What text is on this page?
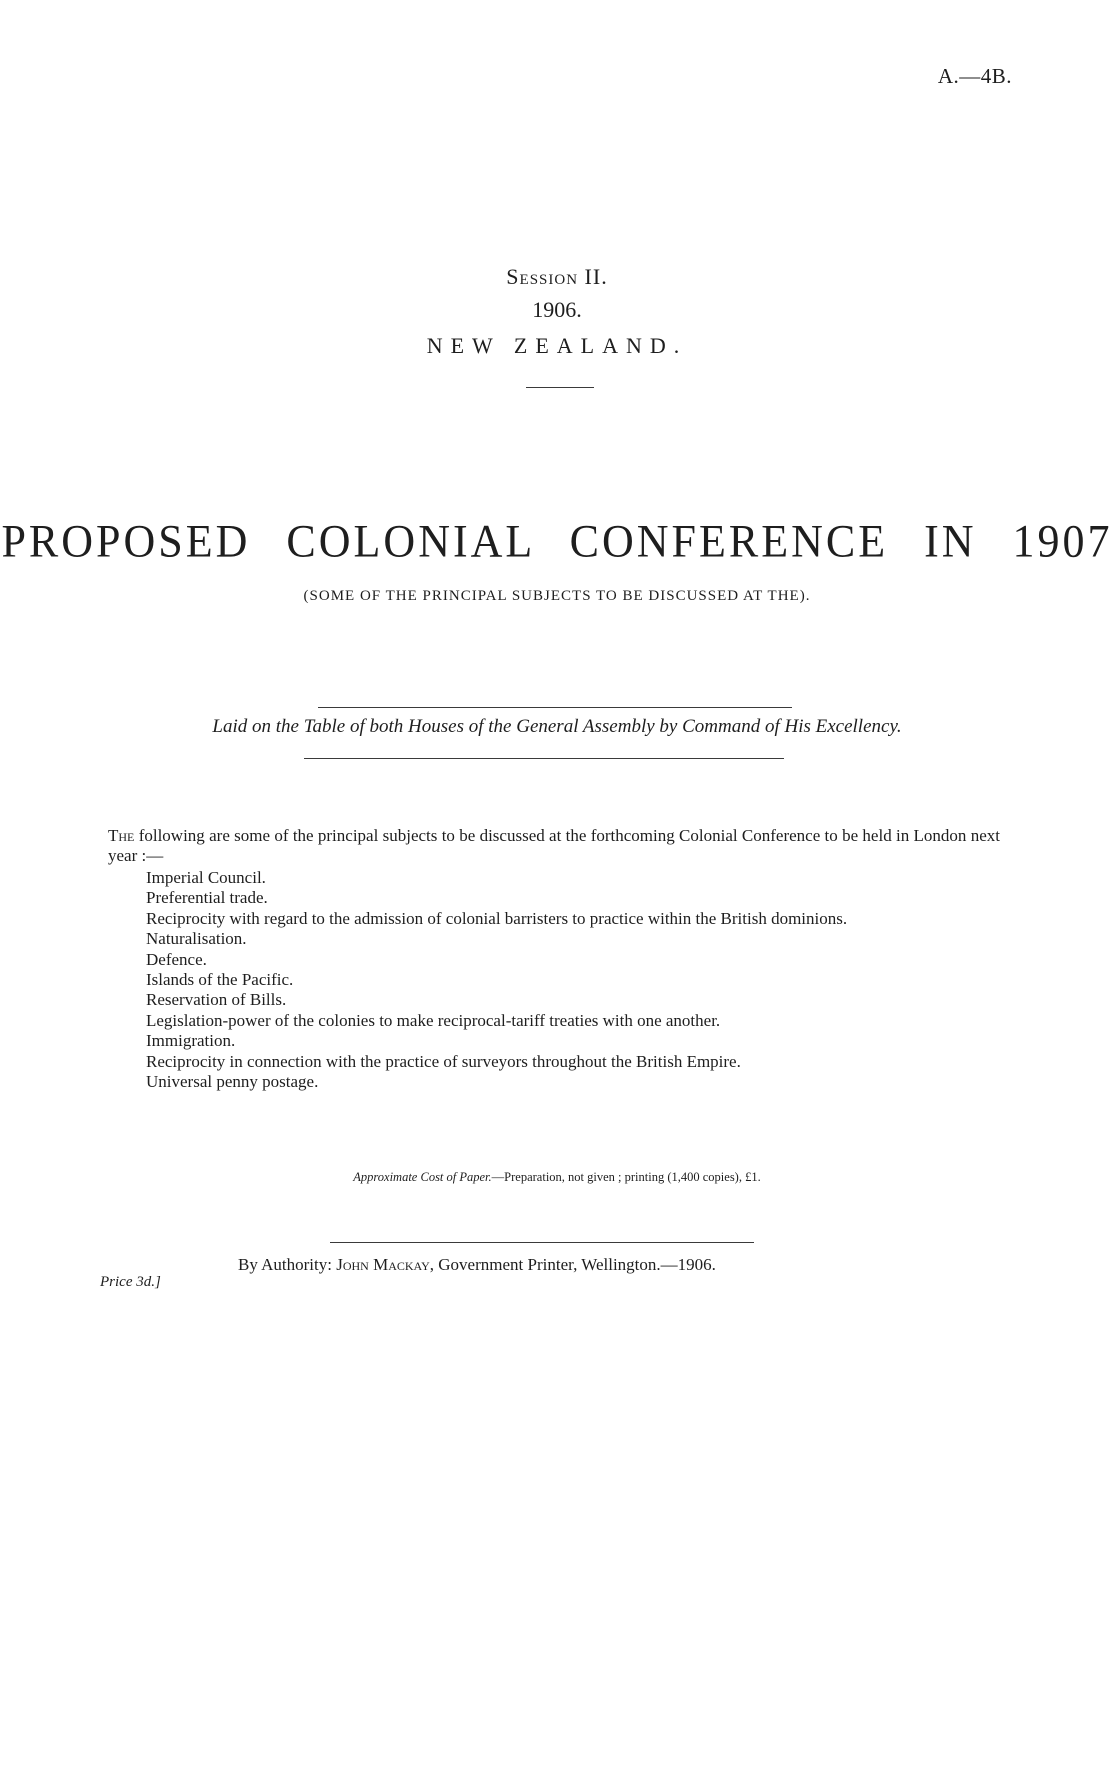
A.—4B.
Session II.
1906.
NEW ZEALAND.
PROPOSED COLONIAL CONFERENCE IN 1907
(SOME OF THE PRINCIPAL SUBJECTS TO BE DISCUSSED AT THE).
Laid on the Table of both Houses of the General Assembly by Command of His Excellency.
The following are some of the principal subjects to be discussed at the forthcoming Colonial Conference to be held in London next year :—
Imperial Council.
Preferential trade.
Reciprocity with regard to the admission of colonial barristers to practice within the British dominions.
Naturalisation.
Defence.
Islands of the Pacific.
Reservation of Bills.
Legislation-power of the colonies to make reciprocal-tariff treaties with one another.
Immigration.
Reciprocity in connection with the practice of surveyors throughout the British Empire.
Universal penny postage.
Approximate Cost of Paper.—Preparation, not given ; printing (1,400 copies), £1.
By Authority: John Mackay, Government Printer, Wellington.—1906.
Price 3d.]
